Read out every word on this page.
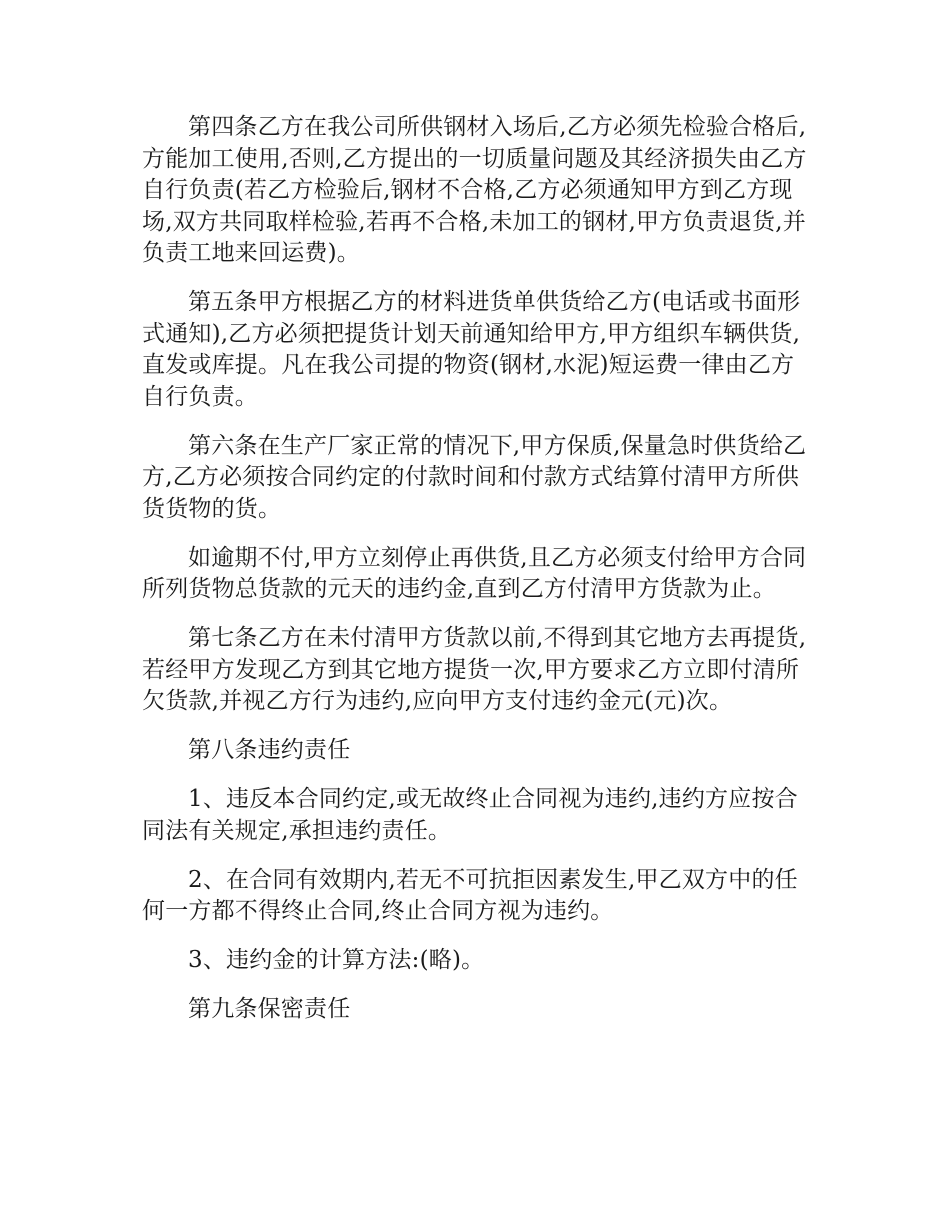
第四条乙方在我公司所供钢材入场后,乙方必须先检验合格后,方能加工使用,否则,乙方提出的一切质量问题及其经济损失由乙方自行负责(若乙方检验后,钢材不合格,乙方必须通知甲方到乙方现场,双方共同取样检验,若再不合格,未加工的钢材,甲方负责退货,并负责工地来回运费)。

第五条甲方根据乙方的材料进货单供货给乙方(电话或书面形式通知),乙方必须把提货计划天前通知给甲方,甲方组织车辆供货,直发或库提。凡在我公司提的物资(钢材,水泥)短运费一律由乙方自行负责。

第六条在生产厂家正常的情况下,甲方保质,保量急时供货给乙方,乙方必须按合同约定的付款时间和付款方式结算付清甲方所供货货物的货。

如逾期不付,甲方立刻停止再供货,且乙方必须支付给甲方合同所列货物总货款的元天的违约金,直到乙方付清甲方货款为止。

第七条乙方在未付清甲方货款以前,不得到其它地方去再提货,若经甲方发现乙方到其它地方提货一次,甲方要求乙方立即付清所欠货款,并视乙方行为违约,应向甲方支付违约金元(元)次。

第八条违约责任

1、违反本合同约定,或无故终止合同视为违约,违约方应按合同法有关规定,承担违约责任。

2、在合同有效期内,若无不可抗拒因素发生,甲乙双方中的任何一方都不得终止合同,终止合同方视为违约。

3、违约金的计算方法:(略)。

第九条保密责任
